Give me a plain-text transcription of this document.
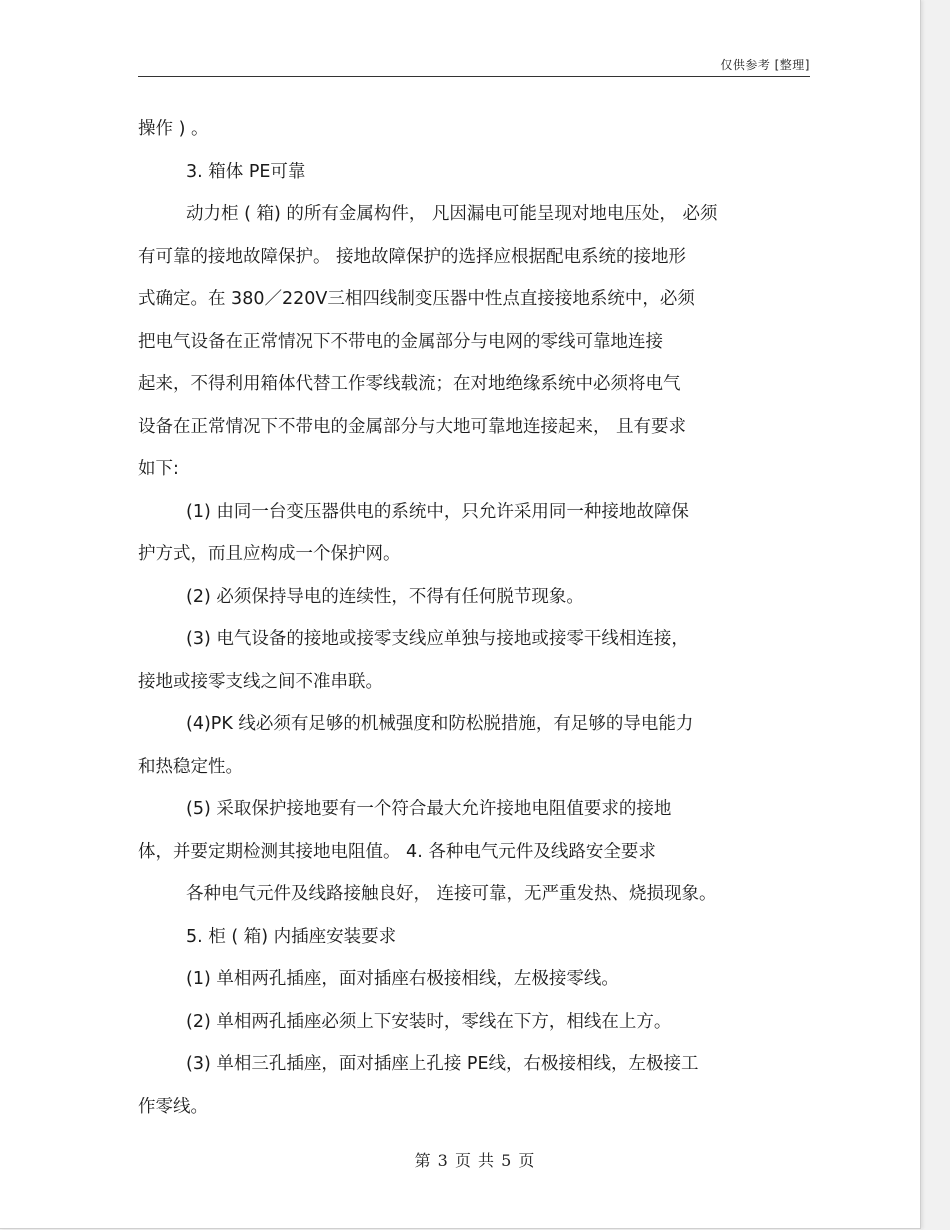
仅供参考 [整理]
操作 ) 。
3. 箱体 PE可靠
动力柜 ( 箱) 的所有金属构件， 凡因漏电可能呈现对地电压处， 必须
有可靠的接地故障保护。 接地故障保护的选择应根据配电系统的接地形
式确定。在 380／220V三相四线制变压器中性点直接接地系统中，必须
把电气设备在正常情况下不带电的金属部分与电网的零线可靠地连接
起来，不得利用箱体代替工作零线载流；在对地绝缘系统中必须将电气
设备在正常情况下不带电的金属部分与大地可靠地连接起来， 且有要求
如下:
(1) 由同一台变压器供电的系统中，只允许采用同一种接地故障保
护方式，而且应构成一个保护网。
(2) 必须保持导电的连续性，不得有任何脱节现象。
(3) 电气设备的接地或接零支线应单独与接地或接零干线相连接，
接地或接零支线之间不准串联。
(4)PK 线必须有足够的机械强度和防松脱措施，有足够的导电能力
和热稳定性。
(5) 采取保护接地要有一个符合最大允许接地电阻值要求的接地
体，并要定期检测其接地电阻值。 4. 各种电气元件及线路安全要求
各种电气元件及线路接触良好， 连接可靠，无严重发热、烧损现象。
5. 柜 ( 箱) 内插座安装要求
(1) 单相两孔插座，面对插座右极接相线，左极接零线。
(2) 单相两孔插座必须上下安装时，零线在下方，相线在上方。
(3) 单相三孔插座，面对插座上孔接 PE线，右极接相线，左极接工
作零线。
第 3 页 共 5 页
